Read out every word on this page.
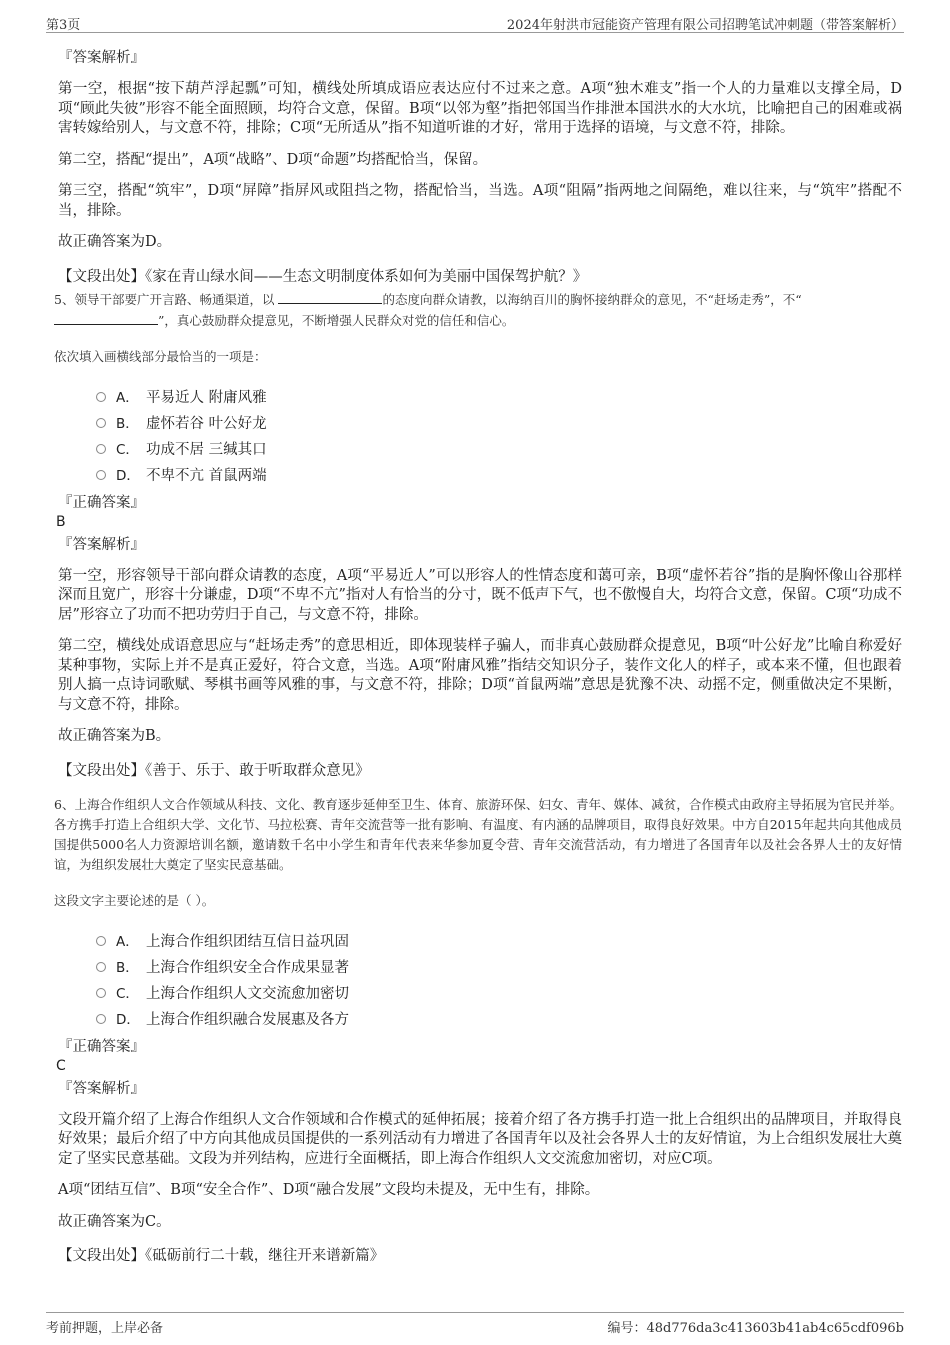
第3页	2024年射洪市冠能资产管理有限公司招聘笔试冲刺题（带答案解析）
『答案解析』
第一空，根据“按下葫芦浮起瓢”可知，横线处所填成语应表达应付不过来之意。A项“独木难支”指一个人的力量难以支撑全局，D项“顾此失彼”形容不能全面照顾，均符合文意，保留。B项“以邻为壑”指把邻国当作排泄本国洪水的大水坑，比喻把自己的困难或祸害转嫁给别人，与文意不符，排除；C项“无所适从”指不知道听谁的才好，常用于选择的语境，与文意不符，排除。
第二空，搭配“提出”，A项“战略”、D项“命题”均搭配恰当，保留。
第三空，搭配“筑牢”，D项“屏障”指屏风或阻挡之物，搭配恰当，当选。A项“阻隔”指两地之间隔绝，难以往来，与“筑牢”搭配不当，排除。
故正确答案为D。
【文段出处】《家在青山绿水间——生态文明制度体系如何为美丽中国保驾护航？》
5、领导干部要广开言路、畅通渠道，以	的态度向群众请教，以海纳百川的胸怀接纳群众的意见，不“赶场走秀”，不“
”，真心鼓励群众提意见，不断增强人民群众对党的信任和信心。
依次填入画横线部分最恰当的一项是：
A． 平易近人 附庸风雅
B． 虚怀若谷 叶公好龙
C． 功成不居 三缄其口
D． 不卑不亢 首鼠两端
『正确答案』
B
『答案解析』
第一空，形容领导干部向群众请教的态度，A项“平易近人”可以形容人的性情态度和蔼可亲，B项“虚怀若谷”指的是胸怀像山谷那样深而且宽广，形容十分谦虚，D项“不卑不亢”指对人有恰当的分寸，既不低声下气，也不傲慢自大，均符合文意，保留。C项“功成不居”形容立了功而不把功劳归于自己，与文意不符，排除。
第二空，横线处成语意思应与“赶场走秀”的意思相近，即体现装样子骗人，而非真心鼓励群众提意见，B项“叶公好龙”比喻自称爱好某种事物，实际上并不是真正爱好，符合文意，当选。A项“附庸风雅”指结交知识分子，装作文化人的样子，或本来不懂，但也跟着别人搞一点诗词歌赋、琴棋书画等风雅的事，与文意不符，排除；D项“首鼠两端”意思是犹豫不决、动摇不定，侧重做决定不果断，与文意不符，排除。
故正确答案为B。
【文段出处】《善于、乐于、敢于听取群众意见》
6、上海合作组织人文合作领域从科技、文化、教育逐步延伸至卫生、体育、旅游环保、妇女、青年、媒体、减贫，合作模式由政府主导拓展为官民并举。各方携手打造上合组织大学、文化节、马拉松赛、青年交流营等一批有影响、有温度、有内涵的品牌项目，取得良好效果。中方自2015年起共向其他成员国提供5000名人力资源培训名额，邀请数千名中小学生和青年代表来华参加夏令营、青年交流营活动，有力增进了各国青年以及社会各界人士的友好情谊，为组织发展壮大奠定了坚实民意基础。
这段文字主要论述的是（ ）。
A． 上海合作组织团结互信日益巩固
B． 上海合作组织安全合作成果显著
C． 上海合作组织人文交流愈加密切
D． 上海合作组织融合发展惠及各方
『正确答案』
C
『答案解析』
文段开篇介绍了上海合作组织人文合作领域和合作模式的延伸拓展；接着介绍了各方携手打造一批上合组织出的品牌项目，并取得良好效果；最后介绍了中方向其他成员国提供的一系列活动有力增进了各国青年以及社会各界人士的友好情谊，为上合组织发展壮大奠定了坚实民意基础。文段为并列结构，应进行全面概括，即上海合作组织人文交流愈加密切，对应C项。
A项“团结互信”、B项“安全合作”、D项“融合发展”文段均未提及，无中生有，排除。
故正确答案为C。
【文段出处】《砥砺前行二十载，继往开来谱新篇》
考前押题，上岸必备	编号：48d776da3c413603b41ab4c65cdf096b
